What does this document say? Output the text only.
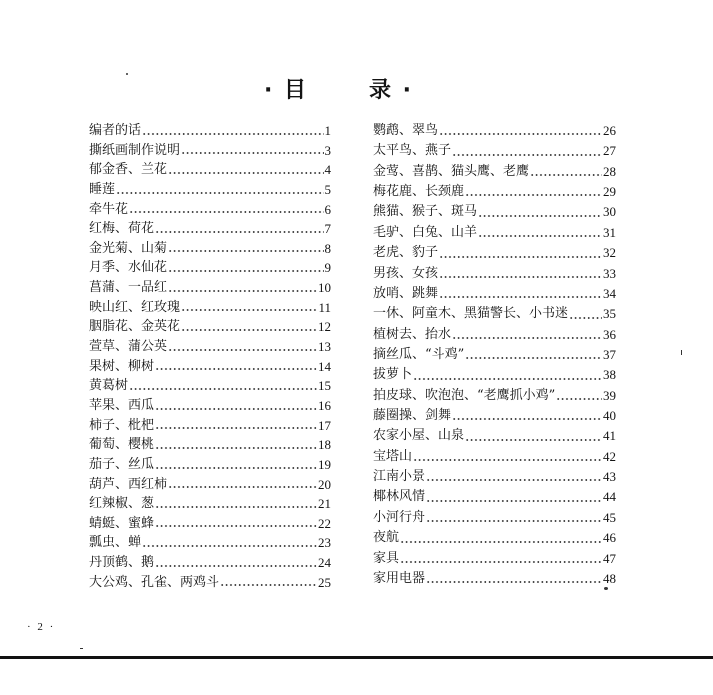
· 目	录 ·
编者的话	1
撕纸画制作说明	3
郁金香、兰花	4
睡莲	5
牵牛花	6
红梅、荷花	7
金光菊、山菊	8
月季、水仙花	9
菖蒲、一品红	10
映山红、红玫瑰	11
胭脂花、金英花	12
萱草、蒲公英	13
果树、柳树	14
黄葛树	15
苹果、西瓜	16
柿子、枇杷	17
葡萄、樱桃	18
茄子、丝瓜	19
葫芦、西红柿	20
红辣椒、葱	21
蜻蜓、蜜蜂	22
瓢虫、蝉	23
丹顶鹤、鹅	24
大公鸡、孔雀、两鸡斗	25
鹦鹉、翠鸟	26
太平鸟、燕子	27
金莺、喜鹊、猫头鹰、老鹰	28
梅花鹿、长颈鹿	29
熊猫、猴子、斑马	30
毛驴、白兔、山羊	31
老虎、豹子	32
男孩、女孩	33
放哨、跳舞	34
一休、阿童木、黑猫警长、小书迷	35
植树去、抬水	36
摘丝瓜、“斗鸡”	37
拔萝卜	38
拍皮球、吹泡泡、“老鹰抓小鸡”	39
藤圈操、剑舞	40
农家小屋、山泉	41
宝塔山	42
江南小景	43
椰林风情	44
小河行舟	45
夜航	46
家具	47
家用电器	48
· 2 ·
